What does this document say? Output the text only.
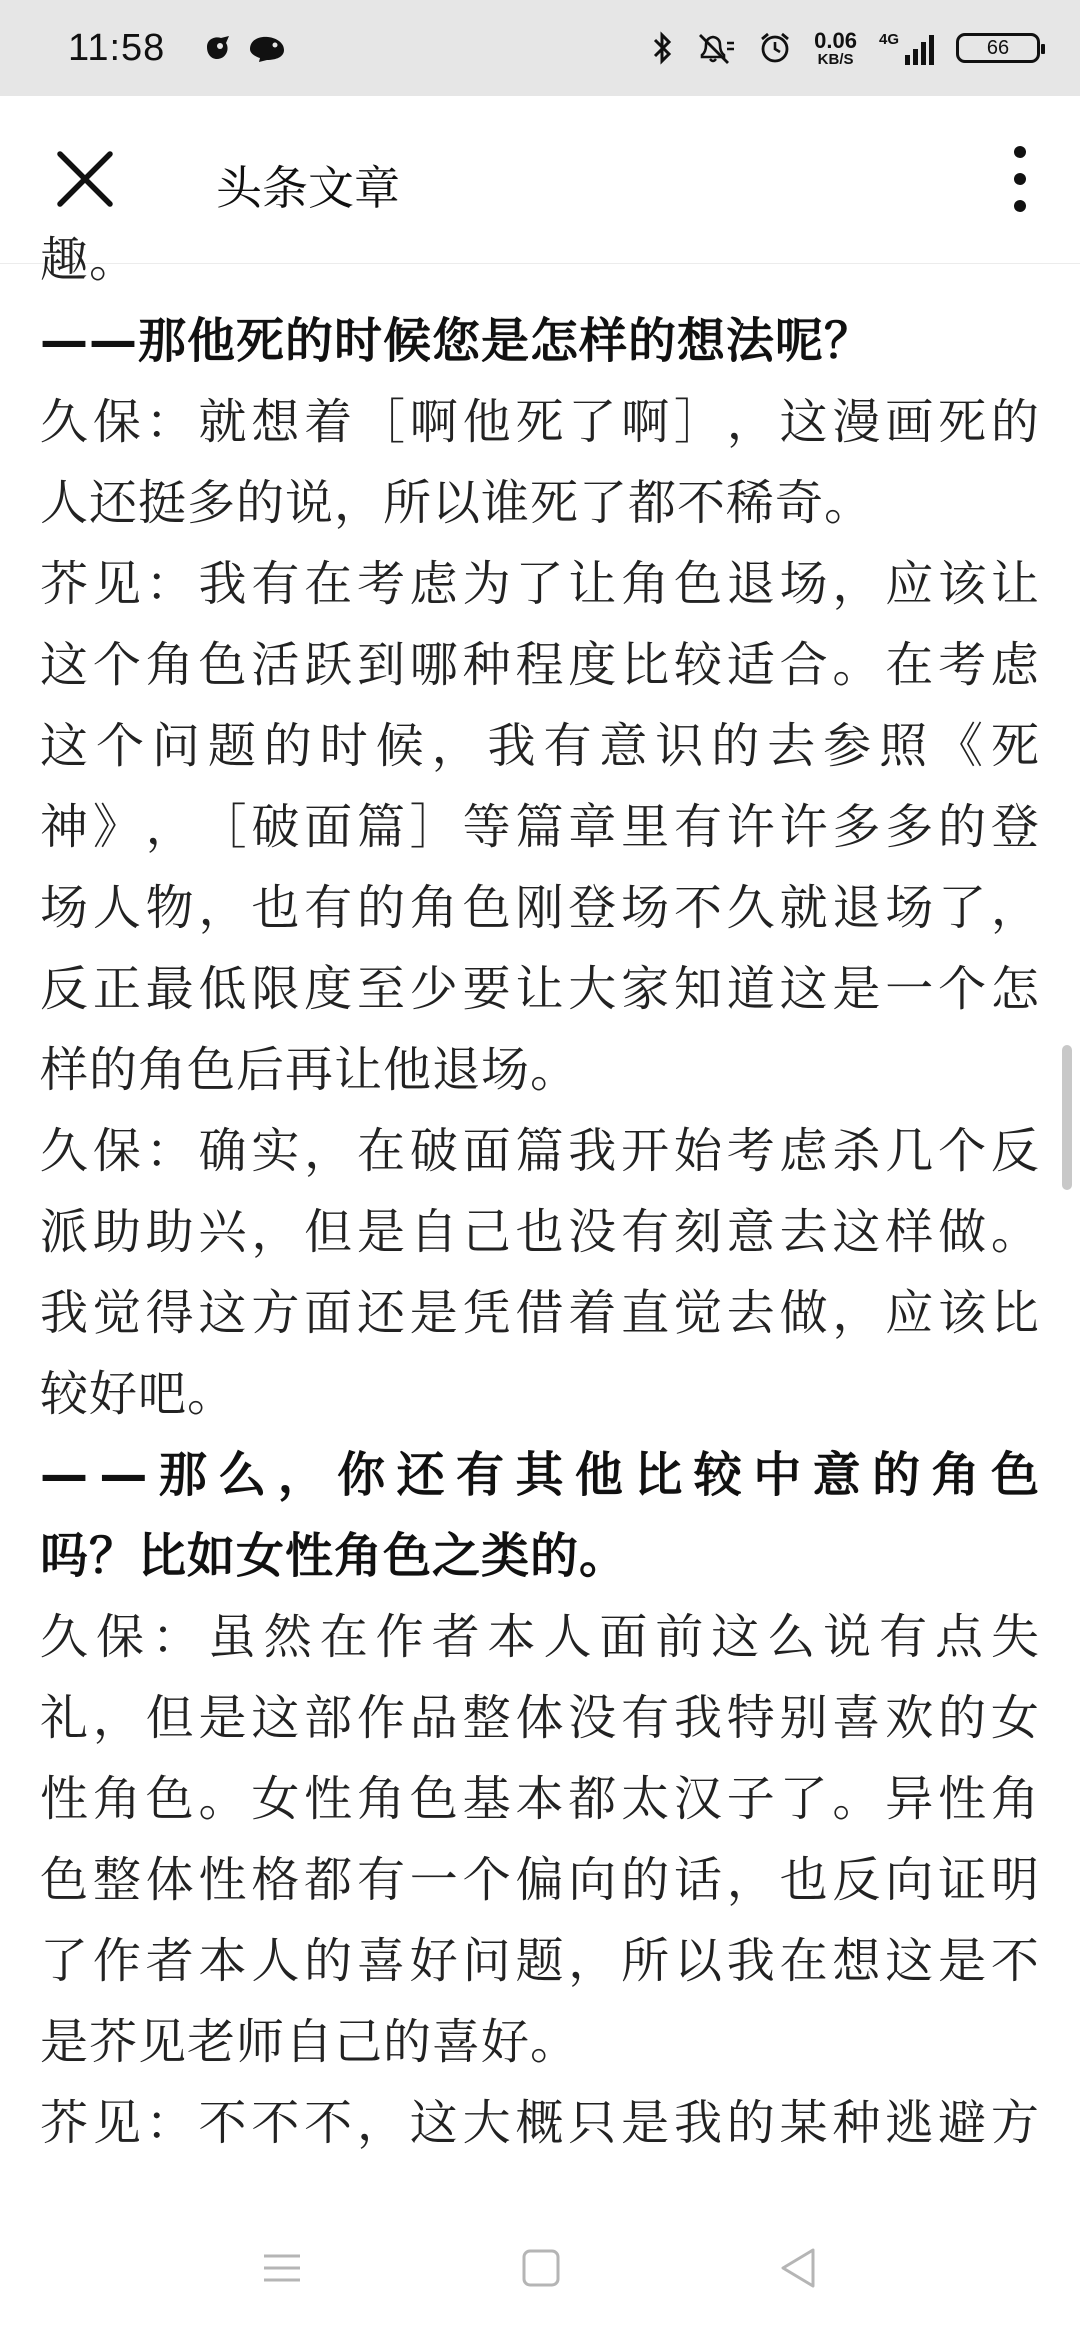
11:58	0.06
KB/S
4G	66
头条文章
趣。
——那他死的时候您是怎样的想法呢？
久 保 ： 就 想 着 ［ 啊 他 死 了 啊 ］ ， 这 漫 画 死 的
人还挺多的说，所以谁死了都不稀奇。
芥 见 ： 我 有 在 考 虑 为 了 让 角 色 退 场 ， 应 该 让
这 个 角 色 活 跃 到 哪 种 程 度 比 较 适 合 。 在 考 虑
这 个 问 题 的 时 候 ， 我 有 意 识 的 去 参 照 《 死
神 》 ， ［ 破 面 篇 ］ 等 篇 章 里 有 许 许 多 多 的 登
场 人 物 ， 也 有 的 角 色 刚 登 场 不 久 就 退 场 了 ，
反 正 最 低 限 度 至 少 要 让 大 家 知 道 这 是 一 个 怎
样的角色后再让他退场。
久 保 ： 确 实 ， 在 破 面 篇 我 开 始 考 虑 杀 几 个 反
派 助 助 兴 ， 但 是 自 己 也 没 有 刻 意 去 这 样 做 。
我 觉 得 这 方 面 还 是 凭 借 着 直 觉 去 做 ， 应 该 比
较好吧。
— — 那 么 ， 你 还 有 其 他 比 较 中 意 的 角 色
吗？比如女性角色之类的。
久 保 ： 虽 然 在 作 者 本 人 面 前 这 么 说 有 点 失
礼 ， 但 是 这 部 作 品 整 体 没 有 我 特 别 喜 欢 的 女
性 角 色 。 女 性 角 色 基 本 都 太 汉 子 了 。 异 性 角
色 整 体 性 格 都 有 一 个 偏 向 的 话 ， 也 反 向 证 明
了 作 者 本 人 的 喜 好 问 题 ， 所 以 我 在 想 这 是 不
是芥见老师自己的喜好。
芥 见 ： 不 不 不 ， 这 大 概 只 是 我 的 某 种 逃 避 方
